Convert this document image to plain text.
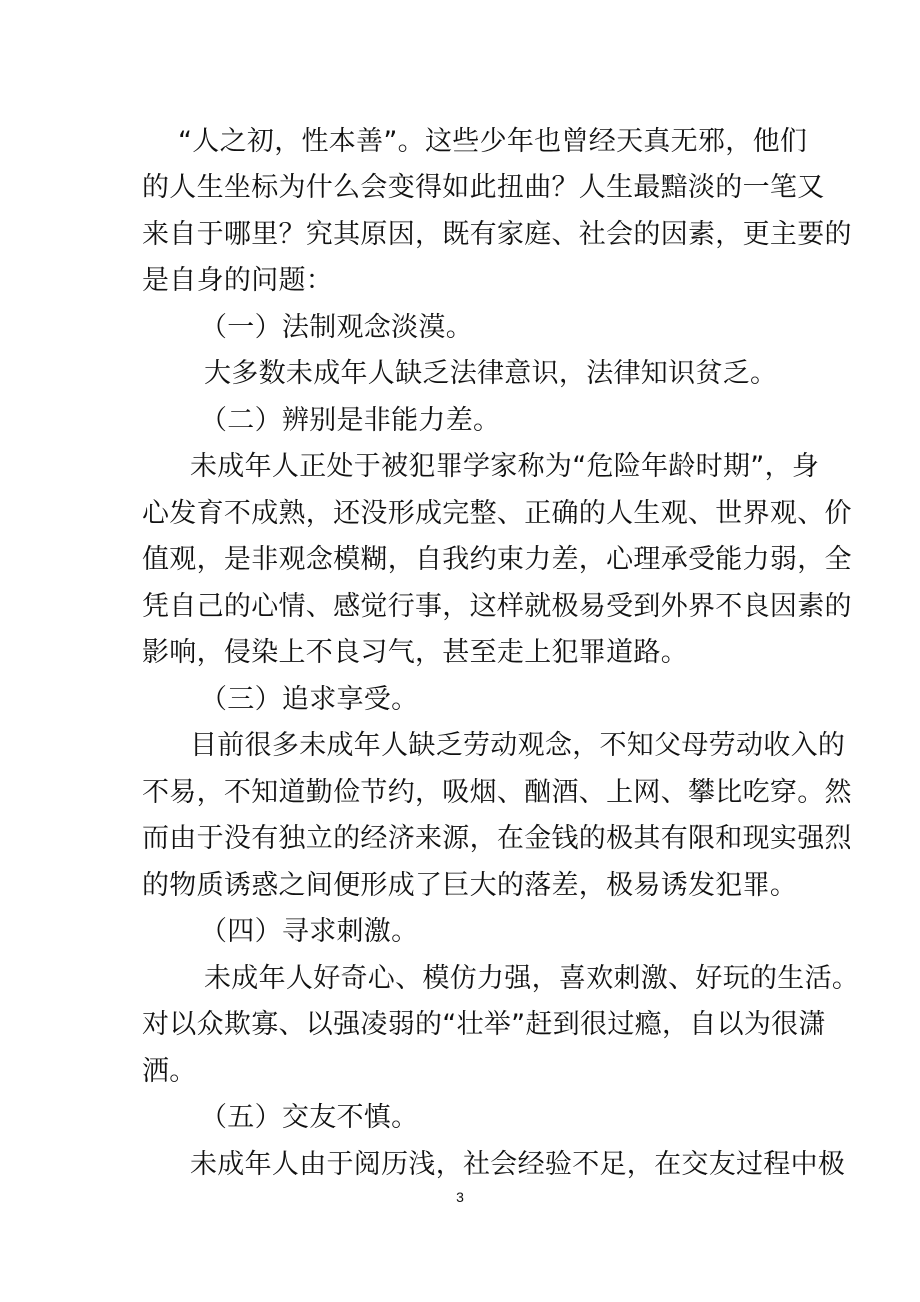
“人之初，性本善”。这些少年也曾经天真无邪，他们
的人生坐标为什么会变得如此扭曲？人生最黯淡的一笔又
来自于哪里？究其原因，既有家庭、社会的因素，更主要的
是自身的问题：
（一）法制观念淡漠。
大多数未成年人缺乏法律意识，法律知识贫乏。
（二）辨别是非能力差。
未成年人正处于被犯罪学家称为“危险年龄时期”，身
心发育不成熟，还没形成完整、正确的人生观、世界观、价
值观，是非观念模糊，自我约束力差，心理承受能力弱，全
凭自己的心情、感觉行事，这样就极易受到外界不良因素的
影响，侵染上不良习气，甚至走上犯罪道路。
（三）追求享受。
目前很多未成年人缺乏劳动观念，不知父母劳动收入的
不易，不知道勤俭节约，吸烟、酗酒、上网、攀比吃穿。然
而由于没有独立的经济来源，在金钱的极其有限和现实强烈
的物质诱惑之间便形成了巨大的落差，极易诱发犯罪。
（四）寻求刺激。
未成年人好奇心、模仿力强，喜欢刺激、好玩的生活。
对以众欺寡、以强凌弱的“壮举”赶到很过瘾，自以为很潇
洒。
（五）交友不慎。
未成年人由于阅历浅，社会经验不足，在交友过程中极
3
